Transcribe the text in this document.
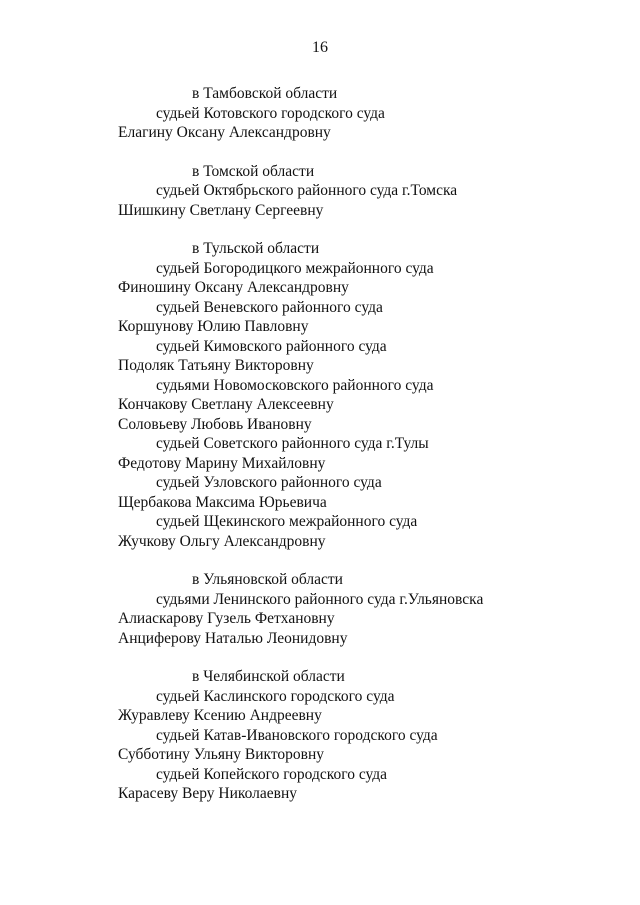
16
в Тамбовской области
судьей Котовского городского суда
Елагину Оксану Александровну
в Томской области
судьей Октябрьского районного суда г.Томска
Шишкину Светлану Сергеевну
в Тульской области
судьей Богородицкого межрайонного суда
Финошину Оксану Александровну
судьей Веневского районного суда
Коршунову Юлию Павловну
судьей Кимовского районного суда
Подоляк Татьяну Викторовну
судьями Новомосковского районного суда
Кончакову Светлану Алексеевну
Соловьеву Любовь Ивановну
судьей Советского районного суда г.Тулы
Федотову Марину Михайловну
судьей Узловского районного суда
Щербакова Максима Юрьевича
судьей Щекинского межрайонного суда
Жучкову Ольгу Александровну
в Ульяновской области
судьями Ленинского районного суда г.Ульяновска
Алиаскарову Гузель Фетхановну
Анциферову Наталью Леонидовну
в Челябинской области
судьей Каслинского городского суда
Журавлеву Ксению Андреевну
судьей Катав-Ивановского городского суда
Субботину Ульяну Викторовну
судьей Копейского городского суда
Карасеву Веру Николаевну
